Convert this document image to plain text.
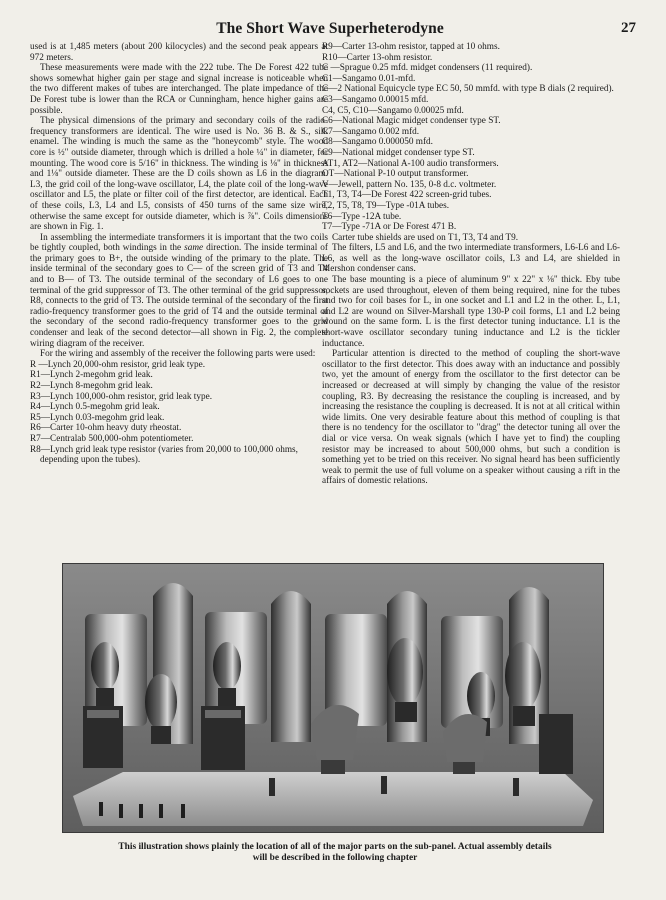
The Short Wave Superheterodyne	27

used is at 1,485 meters (about 200 kilocycles) and the second peak appears at 972 meters.

These measurements were made with the 222 tube. The De Forest 422 tube shows somewhat higher gain per stage and signal increase is noticeable when the two different makes of tubes are interchanged. The plate impedance of the De Forest tube is lower than the RCA or Cunningham, hence higher gains are possible.

The physical dimensions of the primary and secondary coils of the radio-frequency transformers are identical. The wire used is No. 36 B. & S., silk enamel. The winding is much the same as the "honeycomb" style. The wood core is ½" outside diameter, through which is drilled a hole ¼" in diameter, for mounting. The wood core is 5/16" in thickness. The winding is ⅛" in thickness and 1⅛" outside diameter. These are the D coils shown as L6 in the diagram. L3, the grid coil of the long-wave oscillator, L4, the plate coil of the long-wave oscillator and L5, the plate or filter coil of the first detector, are identical. Each of these coils, L3, L4 and L5, consists of 450 turns of the same size wire, otherwise the same except for outside diameter, which is ⅞". Coils dimensions are shown in Fig. 1.

In assembling the intermediate transformers it is important that the two coils be tightly coupled, both windings in the same direction. The inside terminal of the primary goes to B+, the outside winding of the primary to the plate. The inside terminal of the secondary goes to C— of the screen grid of T3 and T4 and to B— of T3. The outside terminal of the secondary of L6 goes to one terminal of the grid suppressor of T3. The other terminal of the grid suppressor, R8, connects to the grid of T3. The outside terminal of the secondary of the first radio-frequency transformer goes to the grid of T4 and the outside terminal of the secondary of the second radio-frequency transformer goes to the grid condenser and leak of the second detector—all shown in Fig. 2, the complete wiring diagram of the receiver.

For the wiring and assembly of the receiver the following parts were used:

R —Lynch 20,000-ohm resistor, grid leak type.
R1—Lynch 2-megohm grid leak.
R2—Lynch 8-megohm grid leak.
R3—Lynch 100,000-ohm resistor, grid leak type.
R4—Lynch 0.5-megohm grid leak.
R5—Lynch 0.03-megohm grid leak.
R6—Carter 10-ohm heavy duty rheostat.
R7—Centralab 500,000-ohm potentiometer.
R8—Lynch grid leak type resistor (varies from 20,000 to 100,000 ohms, depending upon the tubes).
R9—Carter 13-ohm resistor, tapped at 10 ohms.
R10—Carter 13-ohm resistor.
C —Sprague 0.25 mfd. midget condensers (11 required).
C1—Sangamo 0.01-mfd.
C—2 National Equicycle type EC 50, 50 mmfd. with type B dials (2 required).
C3—Sangamo 0.00015 mfd.
C4, C5, C10—Sangamo 0.00025 mfd.
C6—National Magic midget condenser type ST.
C7—Sangamo 0.002 mfd.
C8—Sangamo 0.000050 mfd.
C9—National midget condenser type ST.
AT1, AT2—National A-100 audio transformers.
OT—National P-10 output transformer.
V—Jewell, pattern No. 135, 0-8 d.c. voltmeter.
T1, T3, T4—De Forest 422 screen-grid tubes.
T2, T5, T8, T9—Type -01A tubes.
T6—Type -12A tube.
T7—Type -71A or De Forest 471 B.

Carter tube shields are used on T1, T3, T4 and T9.

The filters, L5 and L6, and the two intermediate transformers, L6-L6 and L6-L6, as well as the long-wave oscillator coils, L3 and L4, are shielded in Mershon condenser cans.

The base mounting is a piece of aluminum 9" x 22" x ⅛" thick. Eby tube sockets are used throughout, eleven of them being required, nine for the tubes and two for coil bases for L, in one socket and L1 and L2 in the other. L, L1, and L2 are wound on Silver-Marshall type 130-P coil forms, L1 and L2 being wound on the same form. L is the first detector tuning inductance. L1 is the short-wave oscillator secondary tuning inductance and L2 is the tickler inductance.

Particular attention is directed to the method of coupling the short-wave oscillator to the first detector. This does away with an inductance and possibly two, yet the amount of energy from the oscillator to the first detector can be increased or decreased at will simply by changing the value of the resistor coupling, R3. By decreasing the resistance the coupling is increased, and by increasing the resistance the coupling is decreased. It is not at all critical within wide limits. One very desirable feature about this method of coupling is that there is no tendency for the oscillator to "drag" the detector tuning all over the dial or vice versa. On weak signals (which I have yet to find) the coupling resistor may be increased to about 500,000 ohms, but such a condition is something yet to be tried on this receiver. No signal heard has been sufficiently weak to permit the use of full volume on a speaker without causing a rift in the affairs of domestic relations.

This illustration shows plainly the location of all of the major parts on the sub-panel. Actual assembly details
will be described in the following chapter
